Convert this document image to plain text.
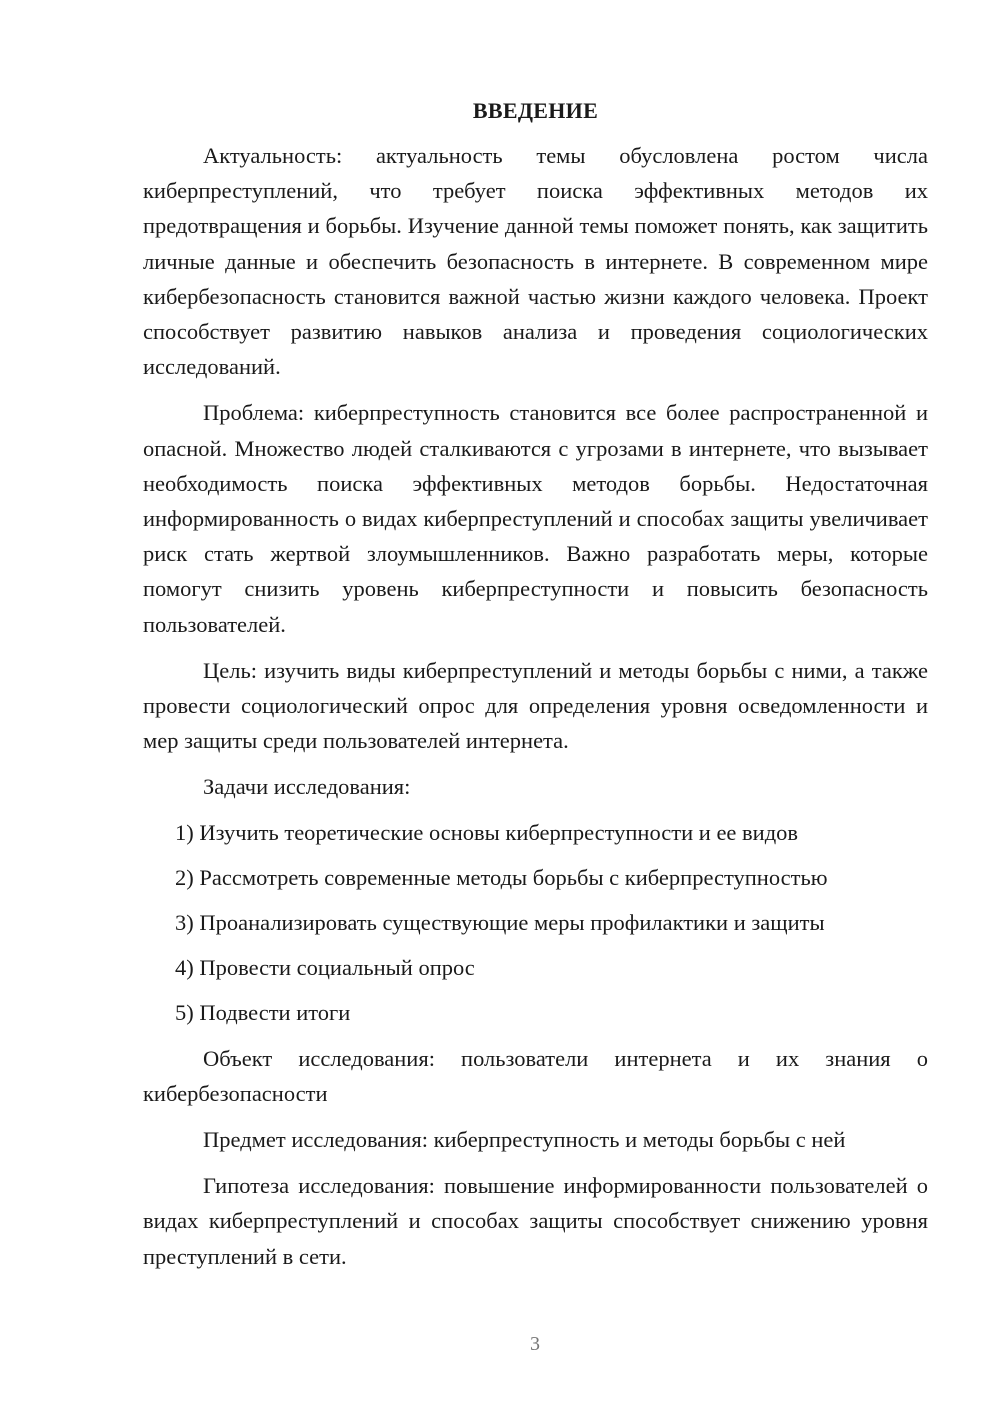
ВВЕДЕНИЕ

Актуальность: актуальность темы обусловлена ростом числа киберпреступлений, что требует поиска эффективных методов их предотвращения и борьбы. Изучение данной темы поможет понять, как защитить личные данные и обеспечить безопасность в интернете. В современном мире кибербезопасность становится важной частью жизни каждого человека. Проект способствует развитию навыков анализа и проведения социологических исследований.

Проблема: киберпреступность становится все более распространенной и опасной. Множество людей сталкиваются с угрозами в интернете, что вызывает необходимость поиска эффективных методов борьбы. Недостаточная информированность о видах киберпреступлений и способах защиты увеличивает риск стать жертвой злоумышленников. Важно разработать меры, которые помогут снизить уровень киберпреступности и повысить безопасность пользователей.

Цель: изучить виды киберпреступлений и методы борьбы с ними, а также провести социологический опрос для определения уровня осведомленности и мер защиты среди пользователей интернета.

Задачи исследования:

1) Изучить теоретические основы киберпреступности и ее видов
2) Рассмотреть современные методы борьбы с киберпреступностью
3) Проанализировать существующие меры профилактики и защиты
4) Провести социальный опрос
5) Подвести итоги

Объект исследования: пользователи интернета и их знания о кибербезопасности

Предмет исследования: киберпреступность и методы борьбы с ней

Гипотеза исследования: повышение информированности пользователей о видах киберпреступлений и способах защиты способствует снижению уровня преступлений в сети.

3
